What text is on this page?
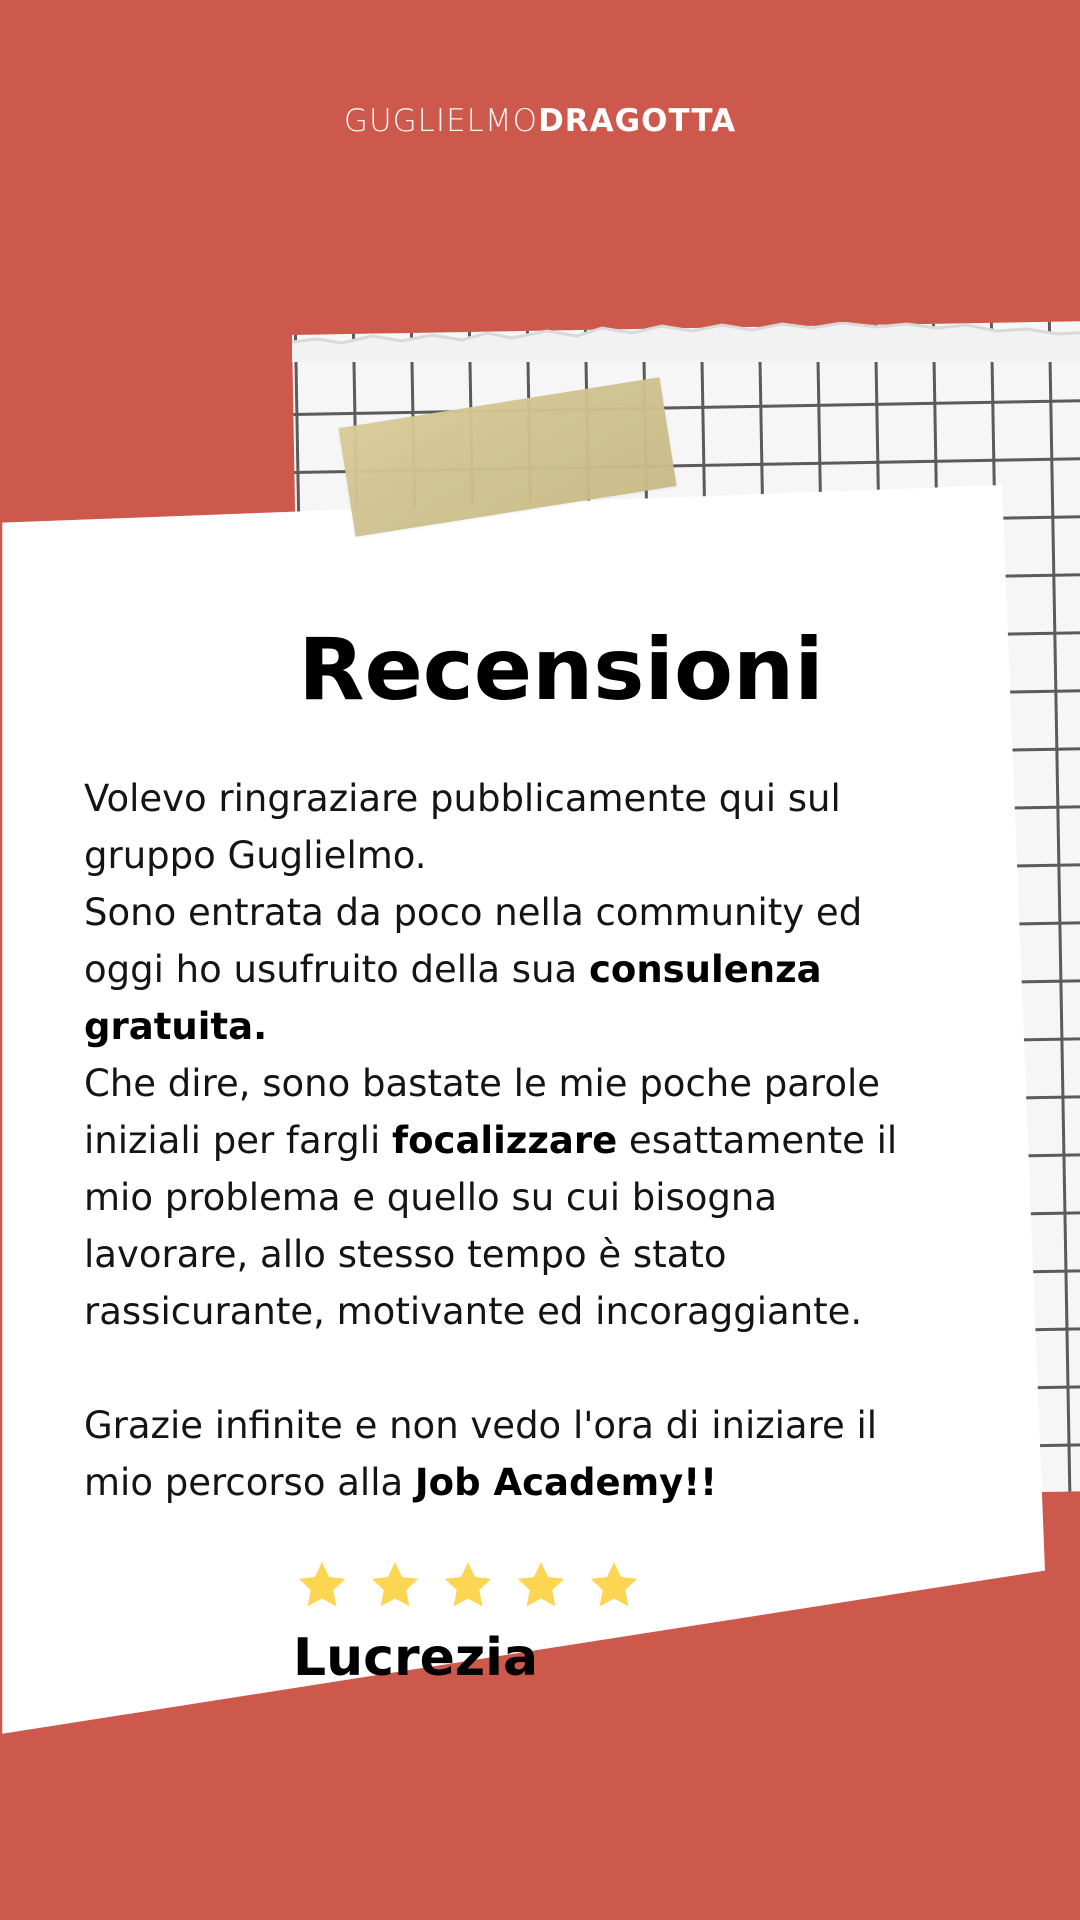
GUGLIELMODRAGOTTA
Recensioni

Volevo ringraziare pubblicamente qui sul gruppo Guglielmo.

Sono entrata da poco nella community ed oggi ho usufruito della sua consulenza gratuita.

Che dire, sono bastate le mie poche parole iniziali per fargli focalizzare esattamente il mio problema e quello su cui bisogna lavorare, allo stesso tempo è stato rassicurante, motivante ed incoraggiante.

Grazie infinite e non vedo l'ora di iniziare il mio percorso alla Job Academy!!

Lucrezia
